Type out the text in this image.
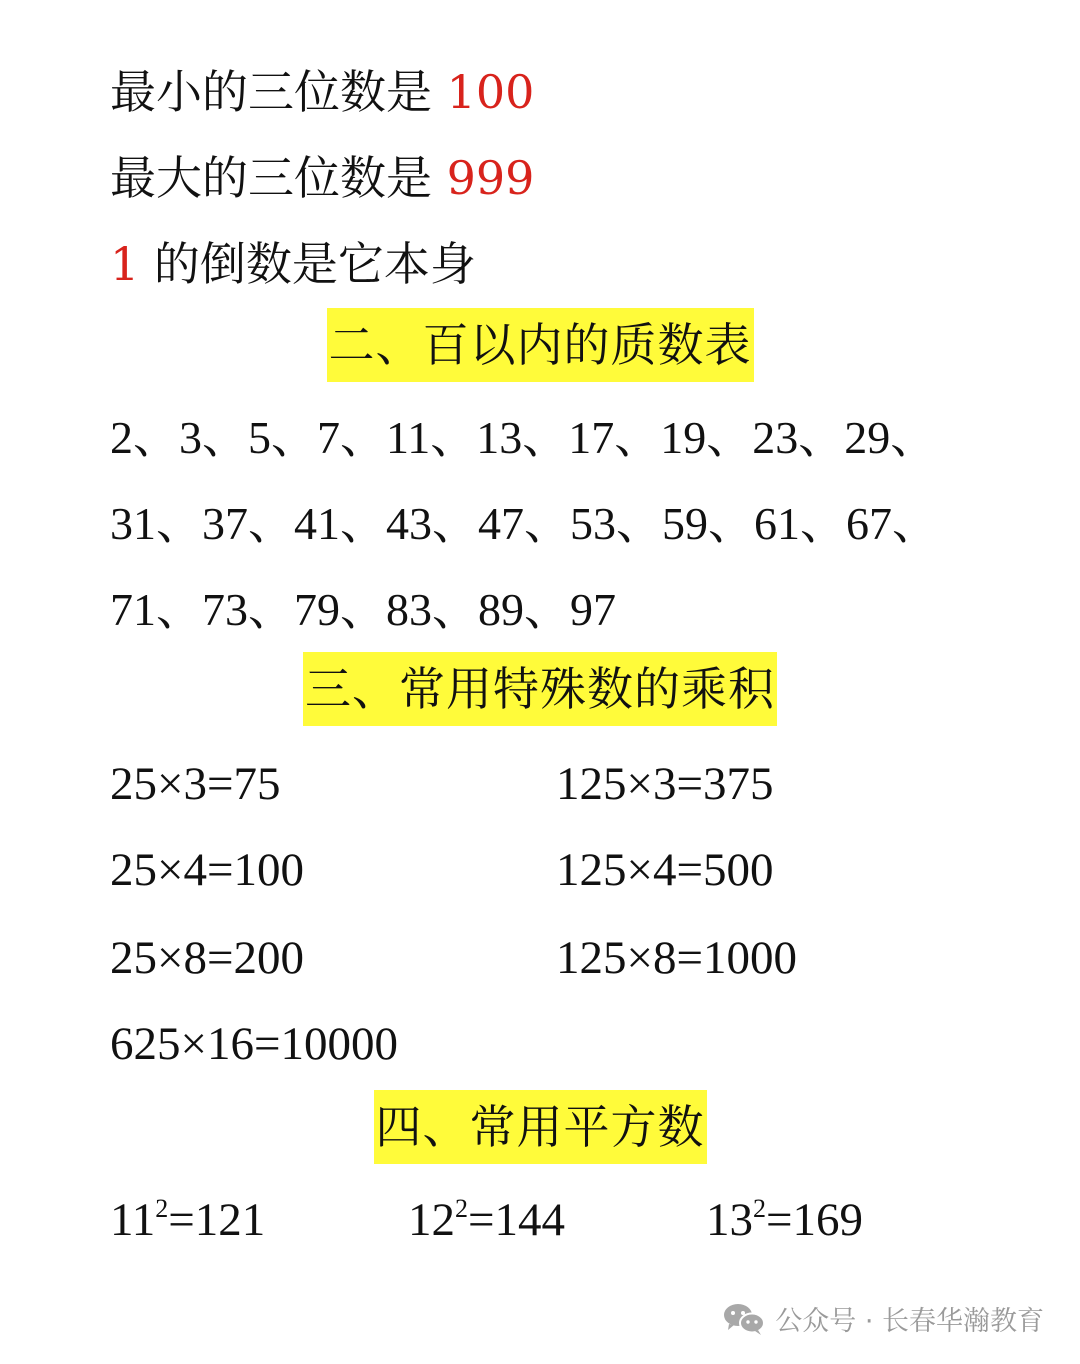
最小的三位数是 100
最大的三位数是 999
1 的倒数是它本身
二、百以内的质数表
2、3、5、7、11、13、17、19、23、29、
31、37、41、43、47、53、59、61、67、
71、73、79、83、89、97
三、常用特殊数的乘积
25×3=75	125×3=375
25×4=100	125×4=500
25×8=200	125×8=1000
625×16=10000
四、常用平方数
$11^2=121$	$12^2=144$	$13^2=169$
公众号 · 长春华瀚教育
